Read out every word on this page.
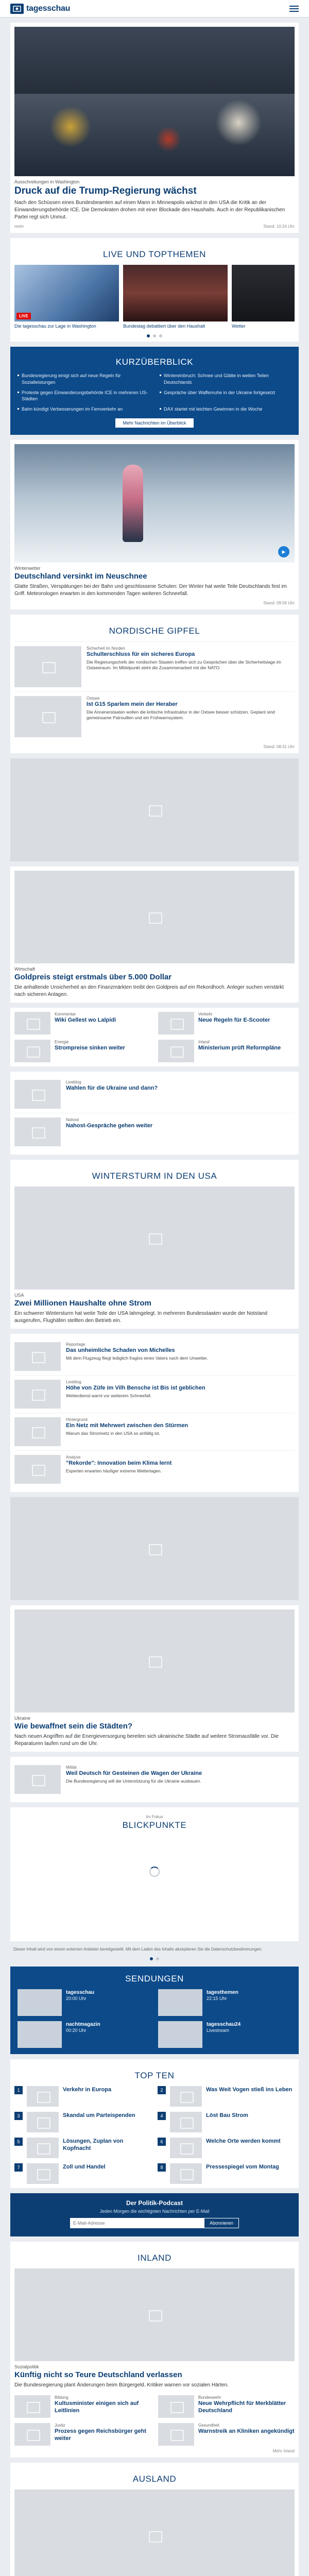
tagesschau
Ausschreitungen in Washington
Druck auf die Trump-Regierung wächst
Nach den Schüssen eines Bundesbeamten auf einen Mann in Minneapolis wächst in den USA die Kritik an der Einwanderungsbehörde ICE. Die Demokraten drohen mit einer Blockade des Haushalts. Auch in der Republikanischen Partei regt sich Unmut.
mehr	Stand: 10:24 Uhr
LIVE UND TOPTHEMEN
LIVE
Die tagesschau zur Lage in Washington	Bundestag debattiert über den Haushalt	Wetter
KURZÜBERBLICK
Bundesregierung einigt sich auf neue Regeln für Sozialleistungen
Wintereinbruch: Schnee und Glätte in weiten Teilen Deutschlands
Proteste gegen Einwanderungsbehörde ICE in mehreren US-Städten
Gespräche über Waffenruhe in der Ukraine fortgesetzt
Bahn kündigt Verbesserungen im Fernverkehr an	DAX startet mit leichten Gewinnen in die Woche
Mehr Nachrichten im Überblick
▶
Winterwetter
Deutschland versinkt im Neuschnee
Glatte Straßen, Verspätungen bei der Bahn und geschlossene Schulen: Der Winter hat weite Teile Deutschlands fest im Griff. Meteorologen erwarten in den kommenden Tagen weiteren Schneefall.
Stand: 09:58 Uhr
NORDISCHE GIPFEL
Sicherheit im Norden
Schulterschluss für ein sicheres Europa
Die Regierungschefs der nordischen Staaten treffen sich zu Gesprächen über die Sicherheitslage im Ostseeraum. Im Mittelpunkt steht die Zusammenarbeit mit der NATO.
Ostsee
Ist G15 Sparlem mein der Heraber
Die Anrainerstaaten wollen die kritische Infrastruktur in der Ostsee besser schützen. Geplant sind gemeinsame Patrouillen und ein Frühwarnsystem.
Stand: 08:41 Uhr
Wirtschaft
Goldpreis steigt erstmals über 5.000 Dollar
Die anhaltende Unsicherheit an den Finanzmärkten treibt den Goldpreis auf ein Rekordhoch. Anleger suchen verstärkt nach sicheren Anlagen.
Kommentar
Wiki Gellest wo Lalpidi
Verkehr
Neue Regeln für E-Scooter
Energie
Strompreise sinken weiter
Inland
Ministerium prüft Reformpläne
Liveblog
Wahlen für die Ukraine und dann?
Nahost
Nahost-Gespräche gehen weiter
WINTERSTURM IN DEN USA
USA
Zwei Millionen Haushalte ohne Strom
Ein schwerer Wintersturm hat weite Teile der USA lahmgelegt. In mehreren Bundesstaaten wurde der Notstand ausgerufen, Flughäfen stellten den Betrieb ein.
Reportage
Das unheimliche Schaden von Michelles
Mit dem Flugzeug fliegt lediglich fraglos eines Vaters nach dem Unwetter.
Liveblog
Höhe von Züfe im Vilh Bensche ist Bis ist geblichen
Wetterdienst warnt vor weiterem Schneefall.
Hintergrund
Ein Netz mit Mehrwert zwischen den Stürmen
Warum das Stromnetz in den USA so anfällig ist.
Analyse
"Rekorde": Innovation beim Klima lernt
Experten erwarten häufiger extreme Wetterlagen.
Ukraine
Wie bewaffnet sein die Städten?
Nach neuen Angriffen auf die Energieversorgung bereiten sich ukrainische Städte auf weitere Stromausfälle vor. Die Reparaturen laufen rund um die Uhr.
Militär
Weil Deutsch für Gesteinen die Wagen der Ukraine
Die Bundesregierung will die Unterstützung für die Ukraine ausbauen.
Im Fokus
BLICKPUNKTE
Dieser Inhalt wird von einem externen Anbieter bereitgestellt. Mit dem Laden des Inhalts akzeptieren Sie die Datenschutzbestimmungen.
SENDUNGEN
tagesschau
20:00 Uhr
tagesthemen
22:15 Uhr
nachtmagazin
00:20 Uhr
tagesschau24
Livestream
TOP TEN
1	Verkehr in Europa	2	Was Weit Vogen stieß ins Leben
3	Skandal um Parteispenden	4	Löst Bau Strom
5	Lösungen, Zuplan von Kopfnacht
6	Welche Orte werden kommt
7	Zoll und Handel	8	Pressespiegel vom Montag
Der Politik-Podcast
Jeden Morgen die wichtigsten Nachrichten per E-Mail
E-Mail-Adresse
Abonnieren
INLAND
Sozialpolitik
Künftig nicht so Teure Deutschland verlassen
Die Bundesregierung plant Änderungen beim Bürgergeld. Kritiker warnen vor sozialen Härten.
Bildung
Kultusminister einigen sich auf Leitlinien
Bundeswehr
Neue Wehrpflicht für Merkblätter Deutschland
Justiz
Prozess gegen Reichsbürger geht weiter
Gesundheit
Warnstreik an Kliniken angekündigt
Mehr Inland
AUSLAND
